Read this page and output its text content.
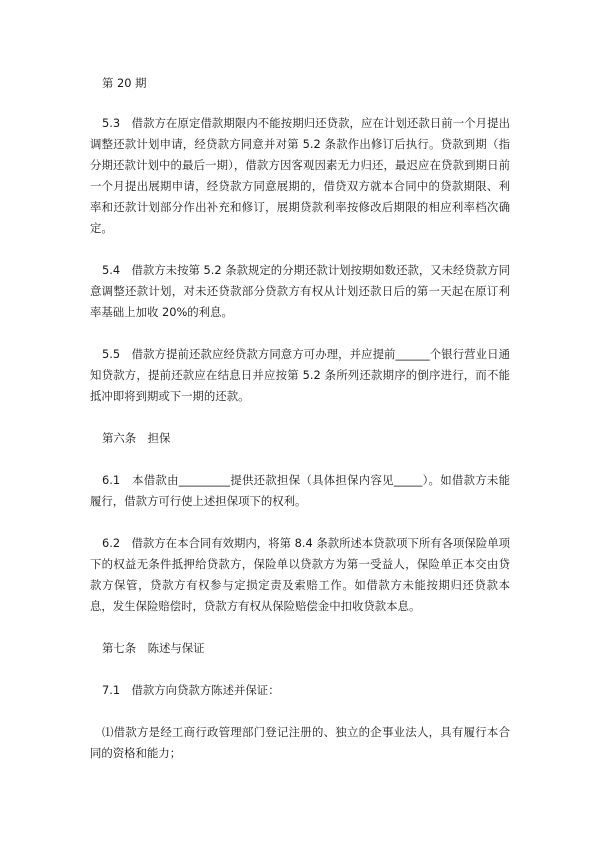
第 20 期

5.3　借款方在原定借款期限内不能按期归还贷款，应在计划还款日前一个月提出调整还款计划申请，经贷款方同意并对第 5.2 条款作出修订后执行。贷款到期（指分期还款计划中的最后一期），借款方因客观因素无力归还，最迟应在贷款到期日前一个月提出展期申请，经贷款方同意展期的，借贷双方就本合同中的贷款期限、利率和还款计划部分作出补充和修订，展期贷款利率按修改后期限的相应利率档次确定。

5.4　借款方未按第 5.2 条款规定的分期还款计划按期如数还款，又未经贷款方同意调整还款计划，对未还贷款部分贷款方有权从计划还款日后的第一天起在原订利率基础上加收 20%的利息。

5.5　借款方提前还款应经贷款方同意方可办理，并应提前______个银行营业日通知贷款方，提前还款应在结息日并应按第 5.2 条所列还款期序的倒序进行，而不能抵冲即将到期或下一期的还款。

第六条　担保

6.1　本借款由_________提供还款担保（具体担保内容见_____）。如借款方未能履行，借款方可行使上述担保项下的权利。

6.2　借款方在本合同有效期内，将第 8.4 条款所述本贷款项下所有各项保险单项下的权益无条件抵押给贷款方，保险单以贷款方为第一受益人，保险单正本交由贷款方保管，贷款方有权参与定损定责及索赔工作。如借款方未能按期归还贷款本息，发生保险赔偿时，贷款方有权从保险赔偿金中扣收贷款本息。

第七条　陈述与保证

7.1　借款方向贷款方陈述并保证：

⑴借款方是经工商行政管理部门登记注册的、独立的企事业法人，具有履行本合同的资格和能力；
